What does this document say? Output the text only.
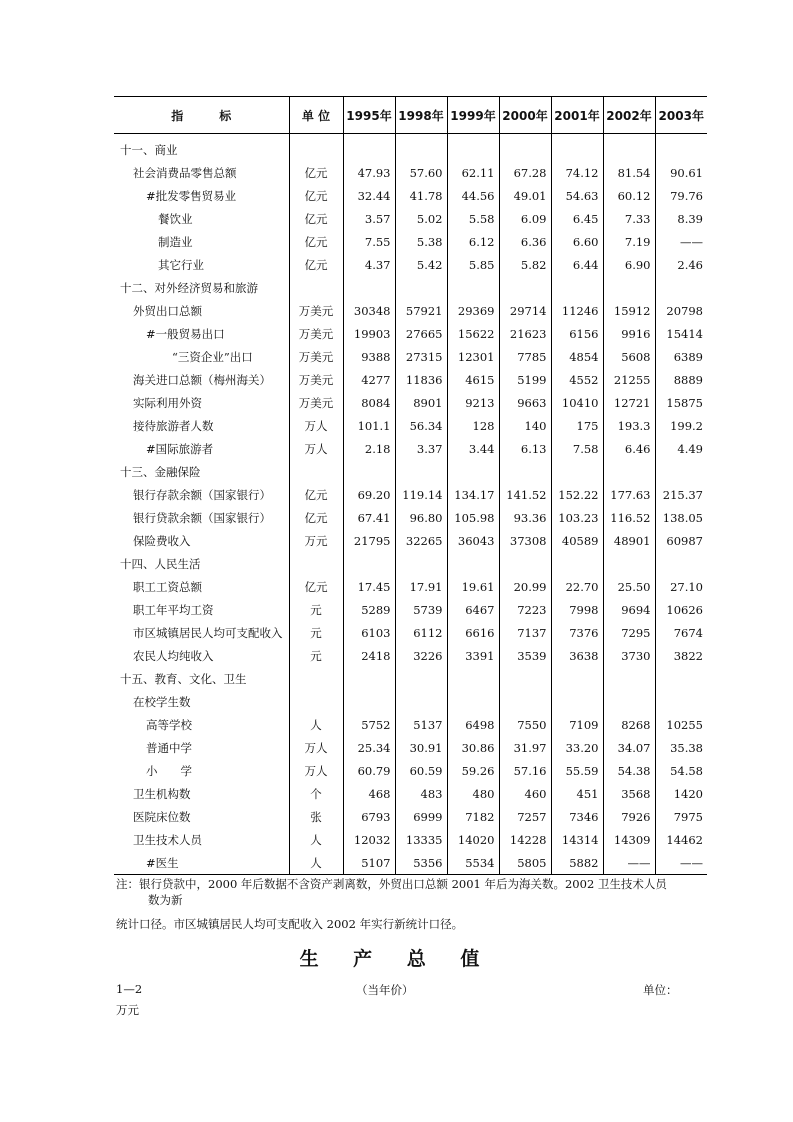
指　　　标	单 位	1995年	1998年	1999年	2000年	2001年	2002年	2003年
十一、商业								
社会消费品零售总额	亿元	47.93	57.60	62.11	67.28	74.12	81.54	90.61
#批发零售贸易业	亿元	32.44	41.78	44.56	49.01	54.63	60.12	79.76
餐饮业	亿元	3.57	5.02	5.58	6.09	6.45	7.33	8.39
制造业	亿元	7.55	5.38	6.12	6.36	6.60	7.19	——
其它行业	亿元	4.37	5.42	5.85	5.82	6.44	6.90	2.46
十二、对外经济贸易和旅游								
外贸出口总额	万美元	30348	57921	29369	29714	11246	15912	20798
#一般贸易出口	万美元	19903	27665	15622	21623	6156	9916	15414
“三资企业”出口	万美元	9388	27315	12301	7785	4854	5608	6389
海关进口总额（梅州海关）	万美元	4277	11836	4615	5199	4552	21255	8889
实际利用外资	万美元	8084	8901	9213	9663	10410	12721	15875
接待旅游者人数	万人	101.1	56.34	128	140	175	193.3	199.2
#国际旅游者	万人	2.18	3.37	3.44	6.13	7.58	6.46	4.49
十三、金融保险								
银行存款余额（国家银行）	亿元	69.20	119.14	134.17	141.52	152.22	177.63	215.37
银行贷款余额（国家银行）	亿元	67.41	96.80	105.98	93.36	103.23	116.52	138.05
保险费收入	万元	21795	32265	36043	37308	40589	48901	60987
十四、人民生活								
职工工资总额	亿元	17.45	17.91	19.61	20.99	22.70	25.50	27.10
职工年平均工资	元	5289	5739	6467	7223	7998	9694	10626
市区城镇居民人均可支配收入	元	6103	6112	6616	7137	7376	7295	7674
农民人均纯收入	元	2418	3226	3391	3539	3638	3730	3822
十五、教育、文化、卫生								
在校学生数								
高等学校	人	5752	5137	6498	7550	7109	8268	10255
普通中学	万人	25.34	30.91	30.86	31.97	33.20	34.07	35.38
小　　学	万人	60.79	60.59	59.26	57.16	55.59	54.38	54.58
卫生机构数	个	468	483	480	460	451	3568	1420
医院床位数	张	6793	6999	7182	7257	7346	7926	7975
卫生技术人员	人	12032	13335	14020	14228	14314	14309	14462
#医生	人	5107	5356	5534	5805	5882	——	——
注：银行贷款中，2000 年后数据不含资产剥离数，外贸出口总额 2001 年后为海关数。2002 卫生技术人员
数为新
统计口径。市区城镇居民人均可支配收入 2002 年实行新统计口径。
生 产 总 值
1—2	（当年价）	单位：
万元
